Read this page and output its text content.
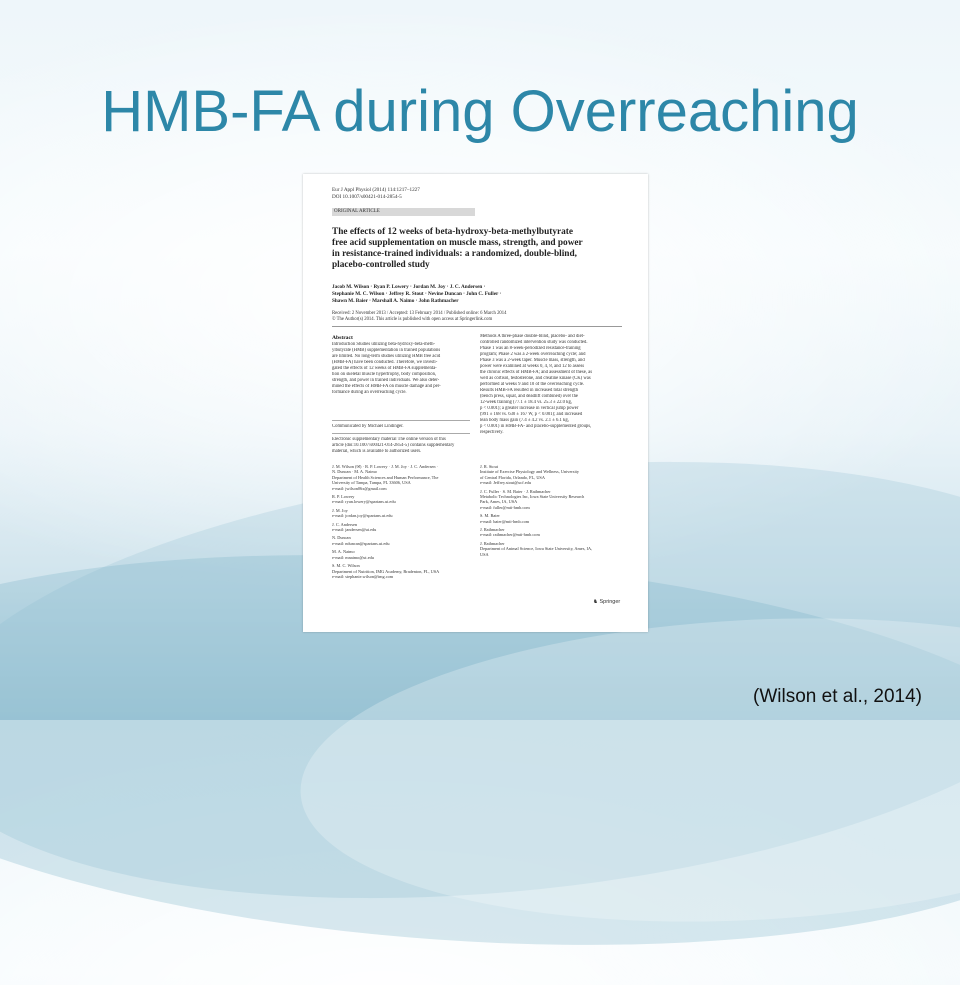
HMB-FA during Overreaching
Eur J Appl Physiol (2014) 114:1217–1227
DOI 10.1007/s00421-014-2854-5
ORIGINAL ARTICLE
The effects of 12 weeks of beta-hydroxy-beta-methylbutyrate
free acid supplementation on muscle mass, strength, and power
in resistance-trained individuals: a randomized, double-blind,
placebo-controlled study
Jacob M. Wilson · Ryan P. Lowery · Jordan M. Joy · J. C. Andersen ·
Stephanie M. C. Wilson · Jeffrey R. Stout · Nevine Duncan · John C. Fuller ·
Shawn M. Baier · Marshall A. Naimo · John Rathmacher
Received: 2 November 2013 / Accepted: 13 February 2014 / Published online: 6 March 2014
© The Author(s) 2014. This article is published with open access at Springerlink.com
Abstract
Introduction Studies utilizing beta-hydroxy-beta-meth-
ylbutyrate (HMB) supplementation in trained populations
are limited. No long-term studies utilizing HMB free acid
(HMB-FA) have been conducted. Therefore, we investi-
gated the effects of 12 weeks of HMB-FA supplementa-
tion on skeletal muscle hypertrophy, body composition,
strength, and power in trained individuals. We also deter-
mined the effects of HMB-FA on muscle damage and per-
formance during an overreaching cycle.
Communicated by Michael Lindinger.
Electronic supplementary material The online version of this
article (doi:10.1007/s00421-014-2854-5) contains supplementary
material, which is available to authorized users.
Methods A three-phase double-blind, placebo- and diet-
controlled randomized intervention study was conducted.
Phase 1 was an 8-week-periodized resistance-training
program; Phase 2 was a 2-week overreaching cycle; and
Phase 3 was a 2-week taper. Muscle mass, strength, and
power were examined at weeks 0, 4, 8, and 12 to assess
the chronic effects of HMB-FA; and assessment of these, as
well as cortisol, testosterone, and creatine kinase (CK) was
performed at weeks 9 and 10 of the overreaching cycle.
Results HMB-FA resulted in increased total strength
(bench press, squat, and deadlift combined) over the
12-week training (77.1 ± 18.4 vs. 25.3 ± 22.0 kg,
p < 0.001); a greater increase in vertical jump power
(991 ± 168 vs. 630 ± 167 W, p < 0.001); and increased
lean body mass gain (7.4 ± 4.2 vs. 2.1 ± 6.1 kg,
p < 0.001) in HMB-FA- and placebo-supplemented groups,
respectively.
J. M. Wilson (✉) · R. P. Lowery · J. M. Joy · J. C. Andersen ·
N. Duncan · M. A. Naimo
Department of Health Sciences and Human Performance, The
University of Tampa, Tampa, FL 33606, USA
e-mail: jwilson06x@gmail.com
R. P. Lowery
e-mail: ryan.lowery@spartans.ut.edu
J. M. Joy
e-mail: jordan.joy@spartans.ut.edu
J. C. Andersen
e-mail: jandersen@ut.edu
N. Duncan
e-mail: nduncan@spartans.ut.edu
M. A. Naimo
e-mail: mnaimo@ut.edu
S. M. C. Wilson
Department of Nutrition, IMG Academy, Bradenton, FL, USA
e-mail: stephanie.wilson@img.com
J. R. Stout
Institute of Exercise Physiology and Wellness, University
of Central Florida, Orlando, FL, USA
e-mail: Jeffrey.stout@ucf.edu
J. C. Fuller · S. M. Baier · J. Rathmacher
Metabolic Technologies Inc, Iowa State University Research
Park, Ames, IA, USA
e-mail: fuller@mti-hmb.com
S. M. Baier
e-mail: baier@mti-hmb.com
J. Rathmacher
e-mail: rathmacher@mti-hmb.com
J. Rathmacher
Department of Animal Science, Iowa State University, Ames, IA,
USA
♞ Springer
(Wilson et al., 2014)
